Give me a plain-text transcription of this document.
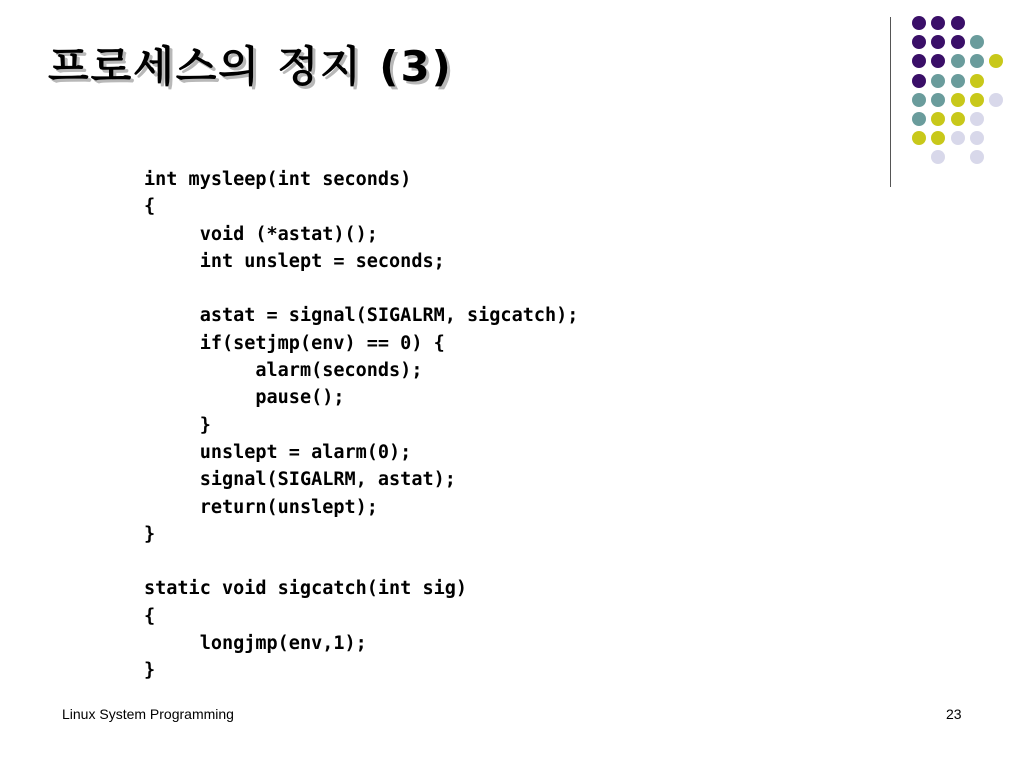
프로세스의 정지 (3)
int mysleep(int seconds)
{
	void (*astat)();
	int unslept = seconds;

	astat = signal(SIGALRM, sigcatch);
	if(setjmp(env) == 0) {
		alarm(seconds);
		pause();
	}
	unslept = alarm(0);
	signal(SIGALRM, astat);
	return(unslept);
}

static void sigcatch(int sig)
{
	longjmp(env,1);
}
Linux System Programming	23
